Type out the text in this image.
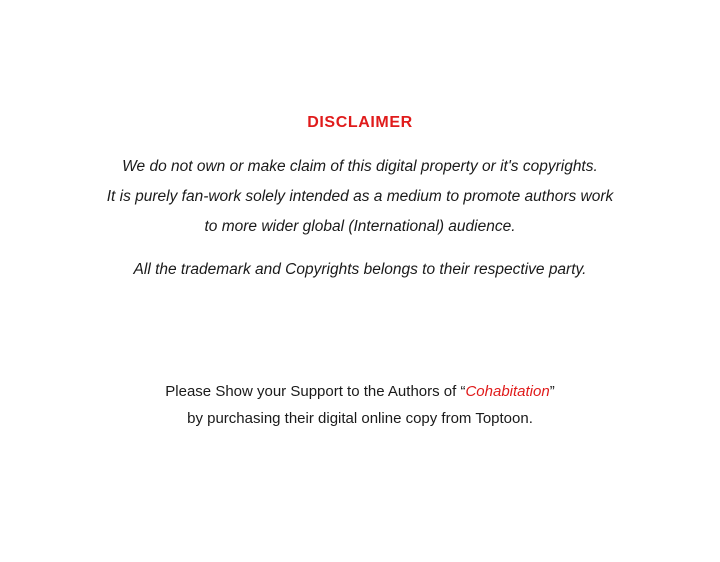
DISCLAIMER
We do not own or make claim of this digital property or it's copyrights.
It is purely fan-work solely intended as a medium to promote authors work
to more wider global (International) audience.
All the trademark and Copyrights belongs to their respective party.
Please Show your Support to the Authors of “Cohabitation”
by purchasing their digital online copy from Toptoon.
